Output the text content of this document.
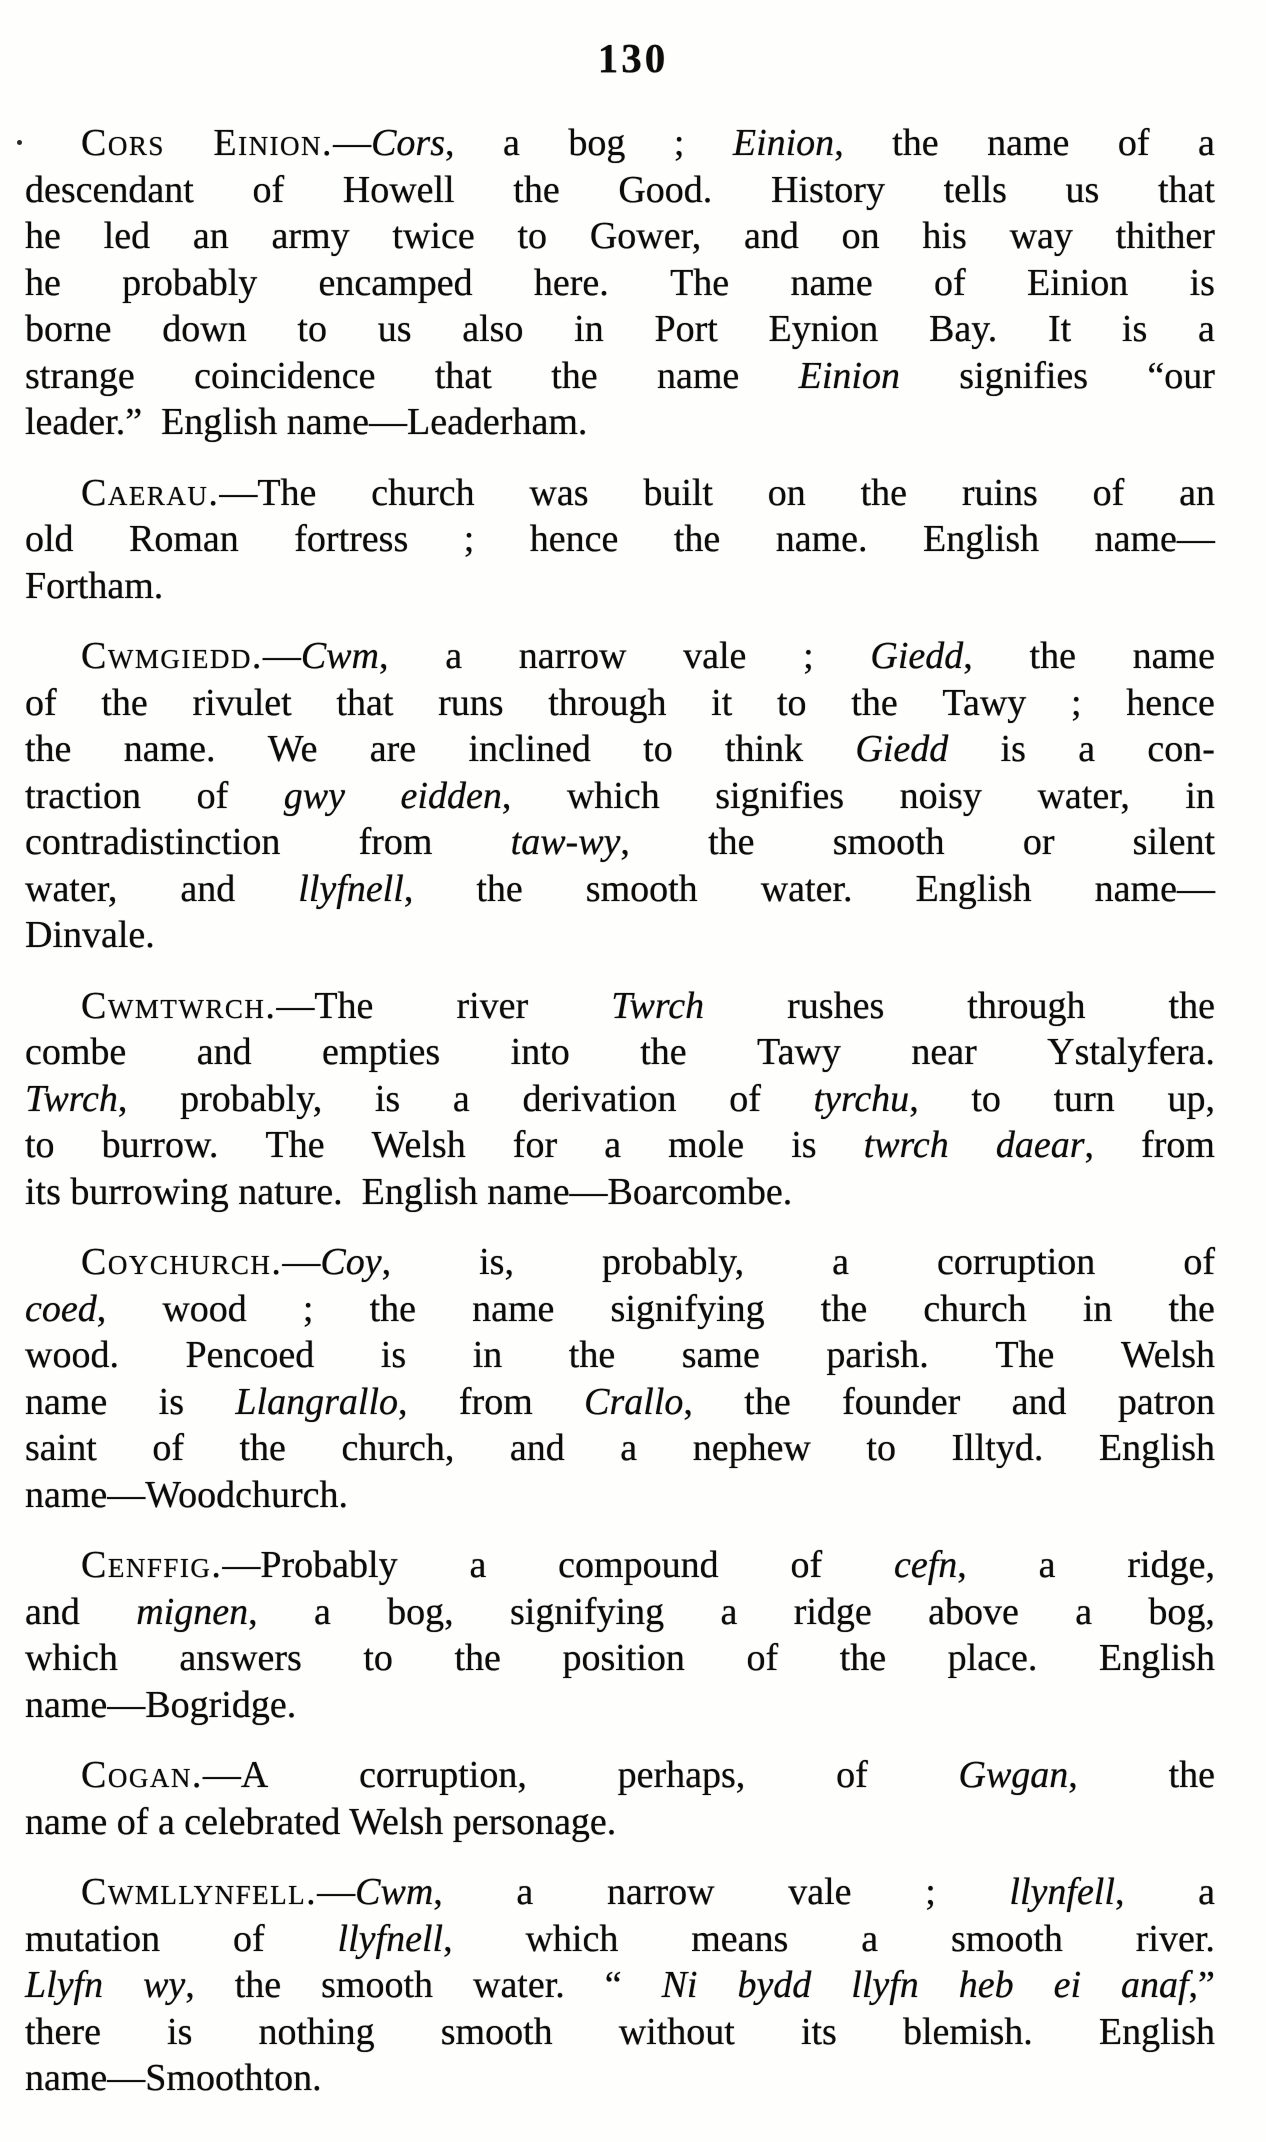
130
Cors Einion.—Cors, a bog ; Einion, the name of a
descendant of Howell the Good. History tells us that
he led an army twice to Gower, and on his way thither
he probably encamped here. The name of Einion is
borne down to us also in Port Eynion Bay. It is a
strange coincidence that the name Einion signifies “our
leader.”  English name—Leaderham.
Caerau.—The church was built on the ruins of an
old Roman fortress ; hence the name. English name—
Fortham.
Cwmgiedd.—Cwm, a narrow vale ; Giedd, the name
of the rivulet that runs through it to the Tawy ; hence
the name. We are inclined to think Giedd is a con-
traction of gwy eidden, which signifies noisy water, in
contradistinction from taw-wy, the smooth or silent
water, and llyfnell, the smooth water. English name—
Dinvale.
Cwmtwrch.—The river Twrch rushes through the
combe and empties into the Tawy near Ystalyfera.
Twrch, probably, is a derivation of tyrchu, to turn up,
to burrow. The Welsh for a mole is twrch daear, from
its burrowing nature.  English name—Boarcombe.
Coychurch.—Coy, is, probably, a corruption of
coed, wood ; the name signifying the church in the
wood. Pencoed is in the same parish. The Welsh
name is Llangrallo, from Crallo, the founder and patron
saint of the church, and a nephew to Illtyd. English
name—Woodchurch.
Cenffig.—Probably a compound of cefn, a ridge,
and mignen, a bog, signifying a ridge above a bog,
which answers to the position of the place. English
name—Bogridge.
Cogan.—A corruption, perhaps, of Gwgan, the
name of a celebrated Welsh personage.
Cwmllynfell.—Cwm, a narrow vale ; llynfell, a
mutation of llyfnell, which means a smooth river.
Llyfn wy, the smooth water. “ Ni bydd llyfn heb ei anaf,”
there is nothing smooth without its blemish. English
name—Smoothton.
